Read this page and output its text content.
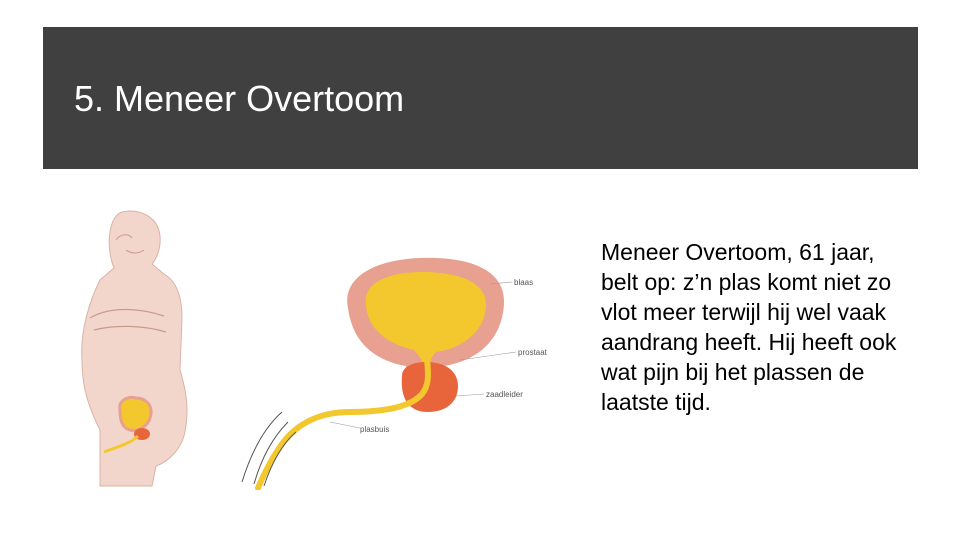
5. Meneer Overtoom
blaas
prostaat
zaadleider
plasbuis
Meneer Overtoom, 61 jaar, belt op: z’n plas komt niet zo vlot meer terwijl hij wel vaak aandrang heeft. Hij heeft ook wat pijn bij het plassen de laatste tijd.
